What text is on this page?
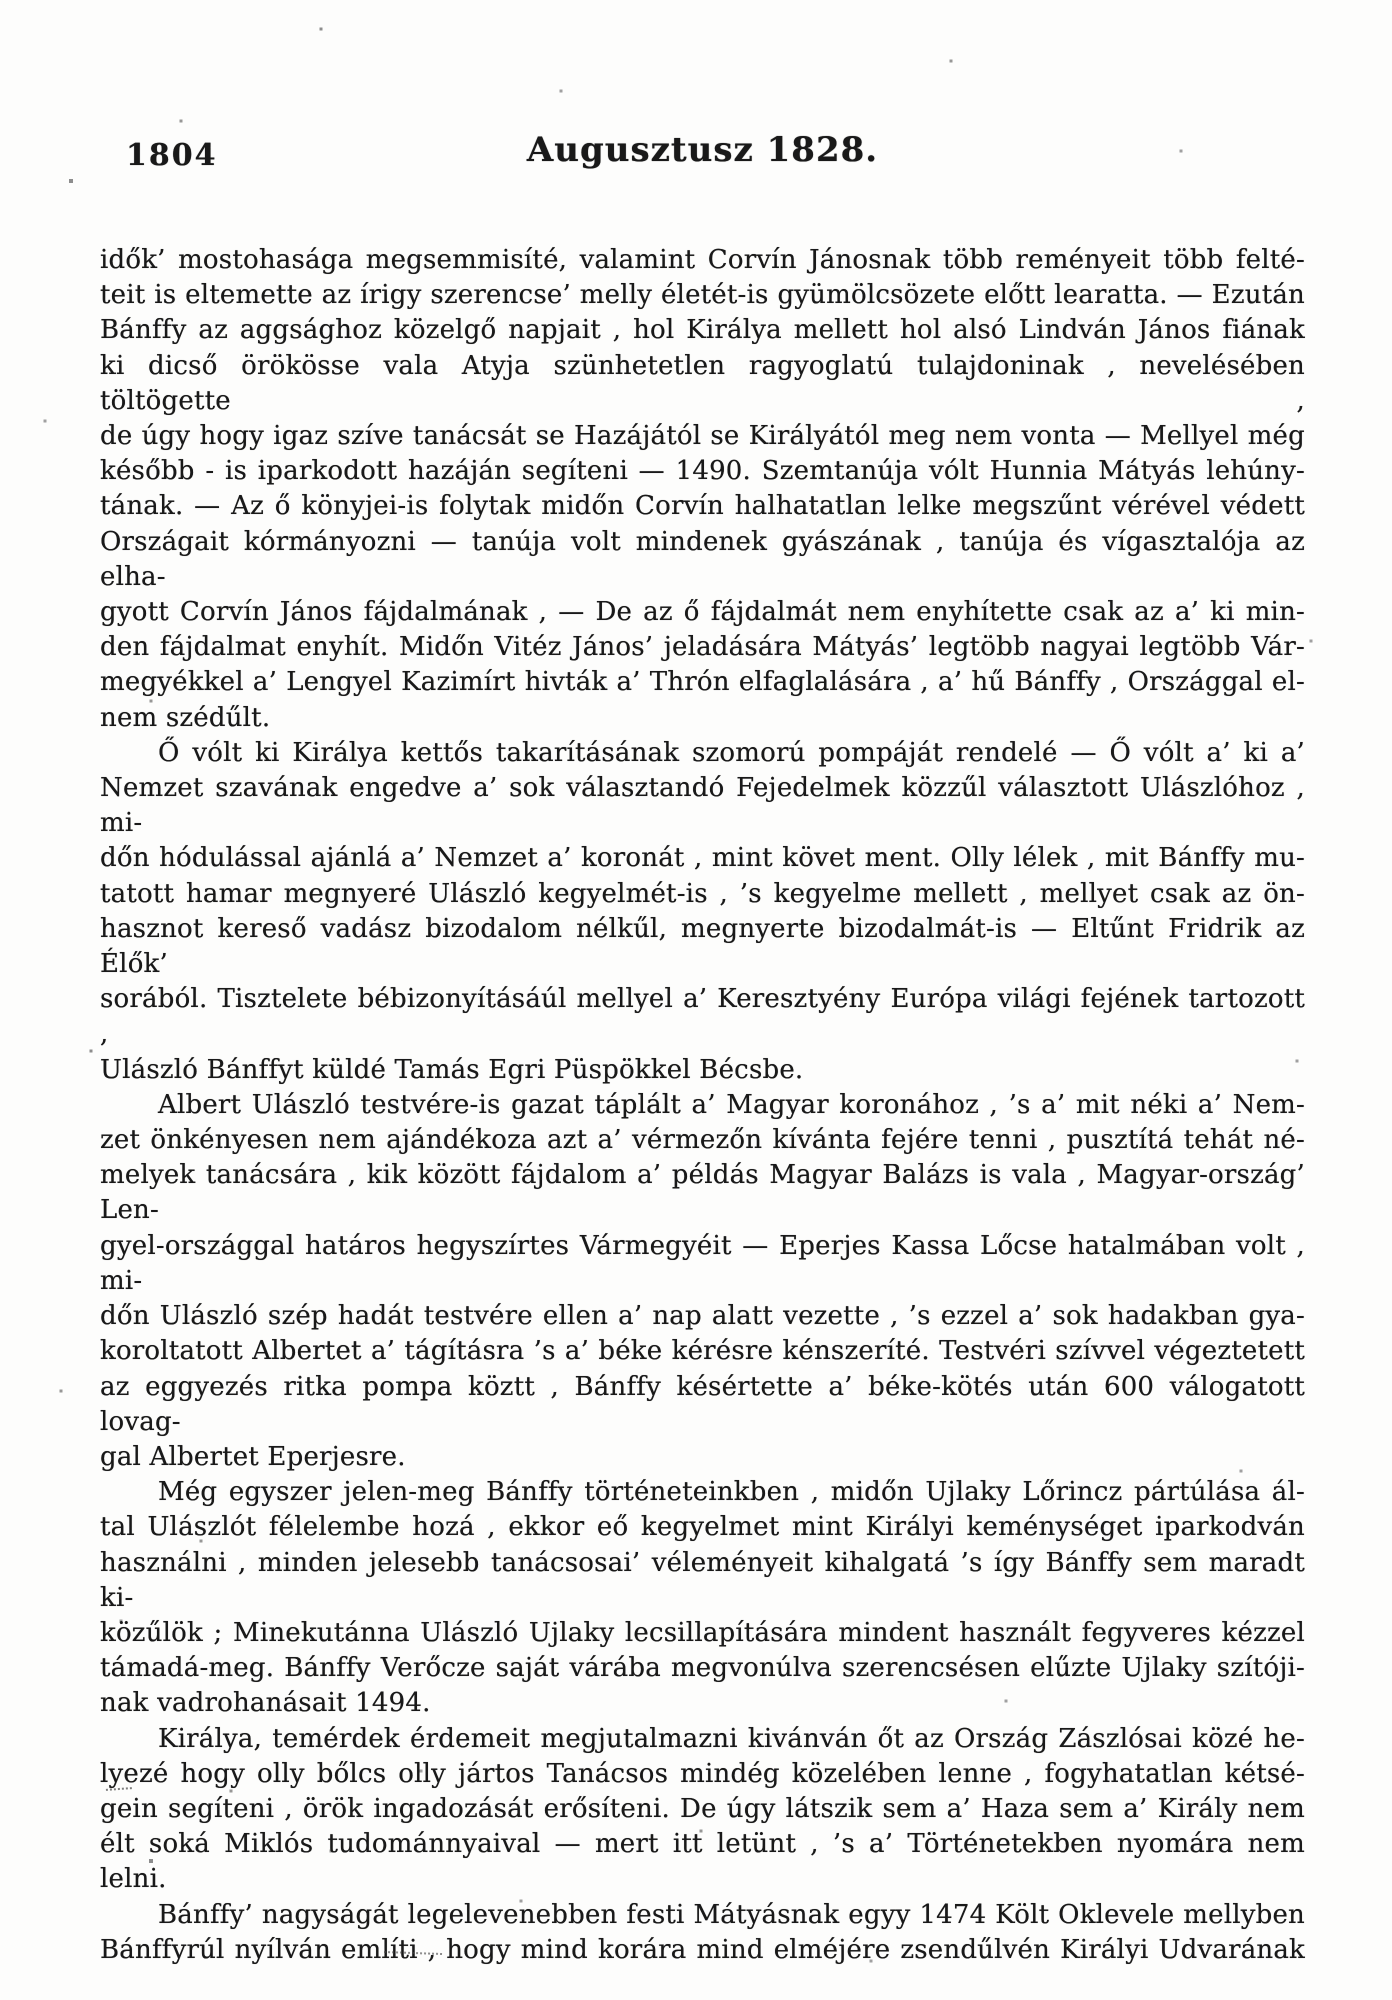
1804	Augusztusz 1828.
idők’ mostohasága megsemmisíté, valamint Corvín Jánosnak több reményeit több felté-
teit is eltemette az írigy szerencse’ melly életét-is gyümölcsözete előtt learatta. — Ezután
Bánffy az aggsághoz közelgő napjait , hol Királya mellett hol alsó Lindván János fiának
ki dicső örökösse vala Atyja szünhetetlen ragyoglatú tulajdoninak , nevelésében töltögette ,
de úgy hogy igaz szíve tanácsát se Hazájától se Királyától meg nem vonta — Mellyel még
később - is iparkodott hazáján segíteni — 1490. Szemtanúja vólt Hunnia Mátyás lehúny-
tának. — Az ő könyjei-is folytak midőn Corvín halhatatlan lelke megszűnt vérével védett
Országait kórmányozni — tanúja volt mindenek gyászának , tanúja és vígasztalója az elha-
gyott Corvín János fájdalmának , — De az ő fájdalmát nem enyhítette csak az a’ ki min-
den fájdalmat enyhít. Midőn Vitéz János’ jeladására Mátyás’ legtöbb nagyai legtöbb Vár-
megyékkel a’ Lengyel Kazimírt hivták a’ Thrón elfaglalására , a’ hű Bánffy , Országgal el-
nem szédűlt.
Ő vólt ki Királya kettős takarításának szomorú pompáját rendelé — Ő vólt a’ ki a’
Nemzet szavának engedve a’ sok választandó Fejedelmek közzűl választott Ulászlóhoz , mi-
dőn hódulással ajánlá a’ Nemzet a’ koronát , mint követ ment. Olly lélek , mit Bánffy mu-
tatott hamar megnyeré Ulászló kegyelmét-is , ’s kegyelme mellett , mellyet csak az ön-
hasznot kereső vadász bizodalom nélkűl, megnyerte bizodalmát-is — Eltűnt Fridrik az Élők’
sorából. Tisztelete bébizonyításáúl mellyel a’ Keresztyény Európa világi fejének tartozott ,
Ulászló Bánffyt küldé Tamás Egri Püspökkel Bécsbe.
Albert Ulászló testvére-is gazat táplált a’ Magyar koronához , ’s a’ mit néki a’ Nem-
zet önkényesen nem ajándékoza azt a’ vérmezőn kívánta fejére tenni , pusztítá tehát né-
melyek tanácsára , kik között fájdalom a’ példás Magyar Balázs is vala , Magyar-ország’ Len-
gyel-országgal határos hegyszírtes Vármegyéit — Eperjes Kassa Lőcse hatalmában volt , mi-
dőn Ulászló szép hadát testvére ellen a’ nap alatt vezette , ’s ezzel a’ sok hadakban gya-
koroltatott Albertet a’ tágításra ’s a’ béke kérésre kénszeríté. Testvéri szívvel végeztetett
az eggyezés ritka pompa köztt , Bánffy késértette a’ béke-kötés után 600 válogatott lovag-
gal Albertet Eperjesre.
Még egyszer jelen-meg Bánffy történeteinkben , midőn Ujlaky Lőrincz pártúlása ál-
tal Ulászlót félelembe hozá , ekkor eő kegyelmet mint Királyi keménységet iparkodván
használni , minden jelesebb tanácsosai’ véleményeit kihalgatá ’s így Bánffy sem maradt ki-
közűlök ; Minekutánna Ulászló Ujlaky lecsillapítására mindent használt fegyveres kézzel
támadá-meg. Bánffy Verőcze saját várába megvonúlva szerencsésen elűzte Ujlaky szítóji-
nak vadrohanásait 1494.
Királya, temérdek érdemeit megjutalmazni kivánván őt az Ország Zászlósai közé he-
lyezé hogy olly bőlcs olly jártos Tanácsos mindég közelében lenne , fogyhatatlan kétsé-
gein segíteni , örök ingadozását erősíteni. De úgy látszik sem a’ Haza sem a’ Király nem
élt soká Miklós tudománnyaival — mert itt letünt , ’s a’ Történetekben nyomára nem
lelni.
Bánffy’ nagyságát legelevenebben festi Mátyásnak egyy 1474 Költ Oklevele mellyben
Bánffyrúl nyílván említi , hogy mind korára mind elméjére zsendűlvén Királyi Udvarának
